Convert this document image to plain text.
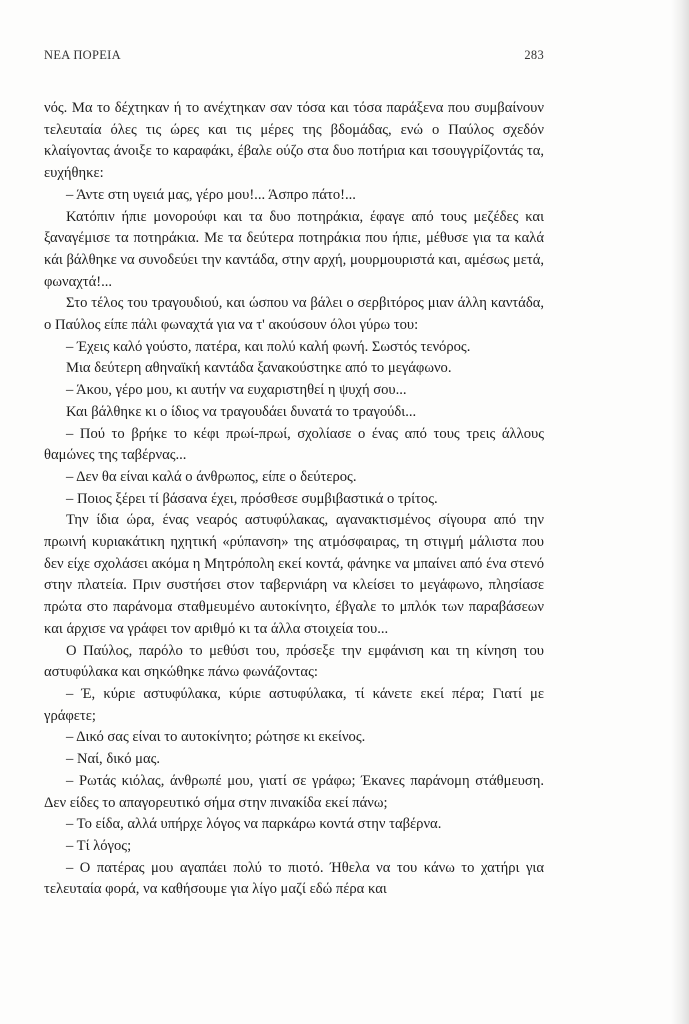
ΝΕΑ ΠΟΡΕΙΑ	283

νός. Μα το δέχτηκαν ή το ανέχτηκαν σαν τόσα και τόσα παράξενα που συμβαίνουν τελευταία όλες τις ώρες και τις μέρες της βδομάδας, ενώ ο Παύλος σχεδόν κλαίγοντας άνοιξε το καραφάκι, έβαλε ούζο στα δυο ποτήρια και τσουγγρίζοντάς τα, ευχήθηκε:

– Άντε στη υγειά μας, γέρο μου!... Άσπρο πάτο!...

Κατόπιν ήπιε μονορούφι και τα δυο ποτηράκια, έφαγε από τους μεζέδες και ξαναγέμισε τα ποτηράκια. Με τα δεύτερα ποτηράκια που ήπιε, μέθυσε για τα καλά κάι βάλθηκε να συνοδεύει την καντάδα, στην αρχή, μουρμουριστά και, αμέσως μετά, φωναχτά!...

Στο τέλος του τραγουδιού, και ώσπου να βάλει ο σερβιτόρος μιαν άλλη καντάδα, ο Παύλος είπε πάλι φωναχτά για να τ' ακούσουν όλοι γύρω του:

– Έχεις καλό γούστο, πατέρα, και πολύ καλή φωνή. Σωστός τενόρος.

Μια δεύτερη αθηναϊκή καντάδα ξανακούστηκε από το μεγάφωνο.

– Άκου, γέρο μου, κι αυτήν να ευχαριστηθεί η ψυχή σου...

Και βάλθηκε κι ο ίδιος να τραγουδάει δυνατά το τραγούδι...

– Πού το βρήκε το κέφι πρωί-πρωί, σχολίασε ο ένας από τους τρεις άλλους θαμώνες της ταβέρνας...

– Δεν θα είναι καλά ο άνθρωπος, είπε ο δεύτερος.

– Ποιος ξέρει τί βάσανα έχει, πρόσθεσε συμβιβαστικά ο τρίτος.

Την ίδια ώρα, ένας νεαρός αστυφύλακας, αγανακτισμένος σίγουρα από την πρωινή κυριακάτικη ηχητική «ρύπανση» της ατμόσφαιρας, τη στιγμή μάλιστα που δεν είχε σχολάσει ακόμα η Μητρόπολη εκεί κοντά, φάνηκε να μπαίνει από ένα στενό στην πλατεία. Πριν συστήσει στον ταβερνιάρη να κλείσει το μεγάφωνο, πλησίασε πρώτα στο παράνομα σταθμευμένο αυτοκίνητο, έβγαλε το μπλόκ των παραβάσεων και άρχισε να γράφει τον αριθμό κι τα άλλα στοιχεία του...

Ο Παύλος, παρόλο το μεθύσι του, πρόσεξε την εμφάνιση και τη κίνηση του αστυφύλακα και σηκώθηκε πάνω φωνάζοντας:

– Έ, κύριε αστυφύλακα, κύριε αστυφύλακα, τί κάνετε εκεί πέρα; Γιατί με γράφετε;

– Δικό σας είναι το αυτοκίνητο; ρώτησε κι εκείνος.

– Ναί, δικό μας.

– Ρωτάς κιόλας, άνθρωπέ μου, γιατί σε γράφω; Έκανες παράνομη στάθμευση. Δεν είδες το απαγορευτικό σήμα στην πινακίδα εκεί πάνω;

– Το είδα, αλλά υπήρχε λόγος να παρκάρω κοντά στην ταβέρνα.

– Τί λόγος;

– Ο πατέρας μου αγαπάει πολύ το πιοτό. Ήθελα να του κάνω το χατήρι για τελευταία φορά, να καθήσουμε για λίγο μαζί εδώ πέρα και
